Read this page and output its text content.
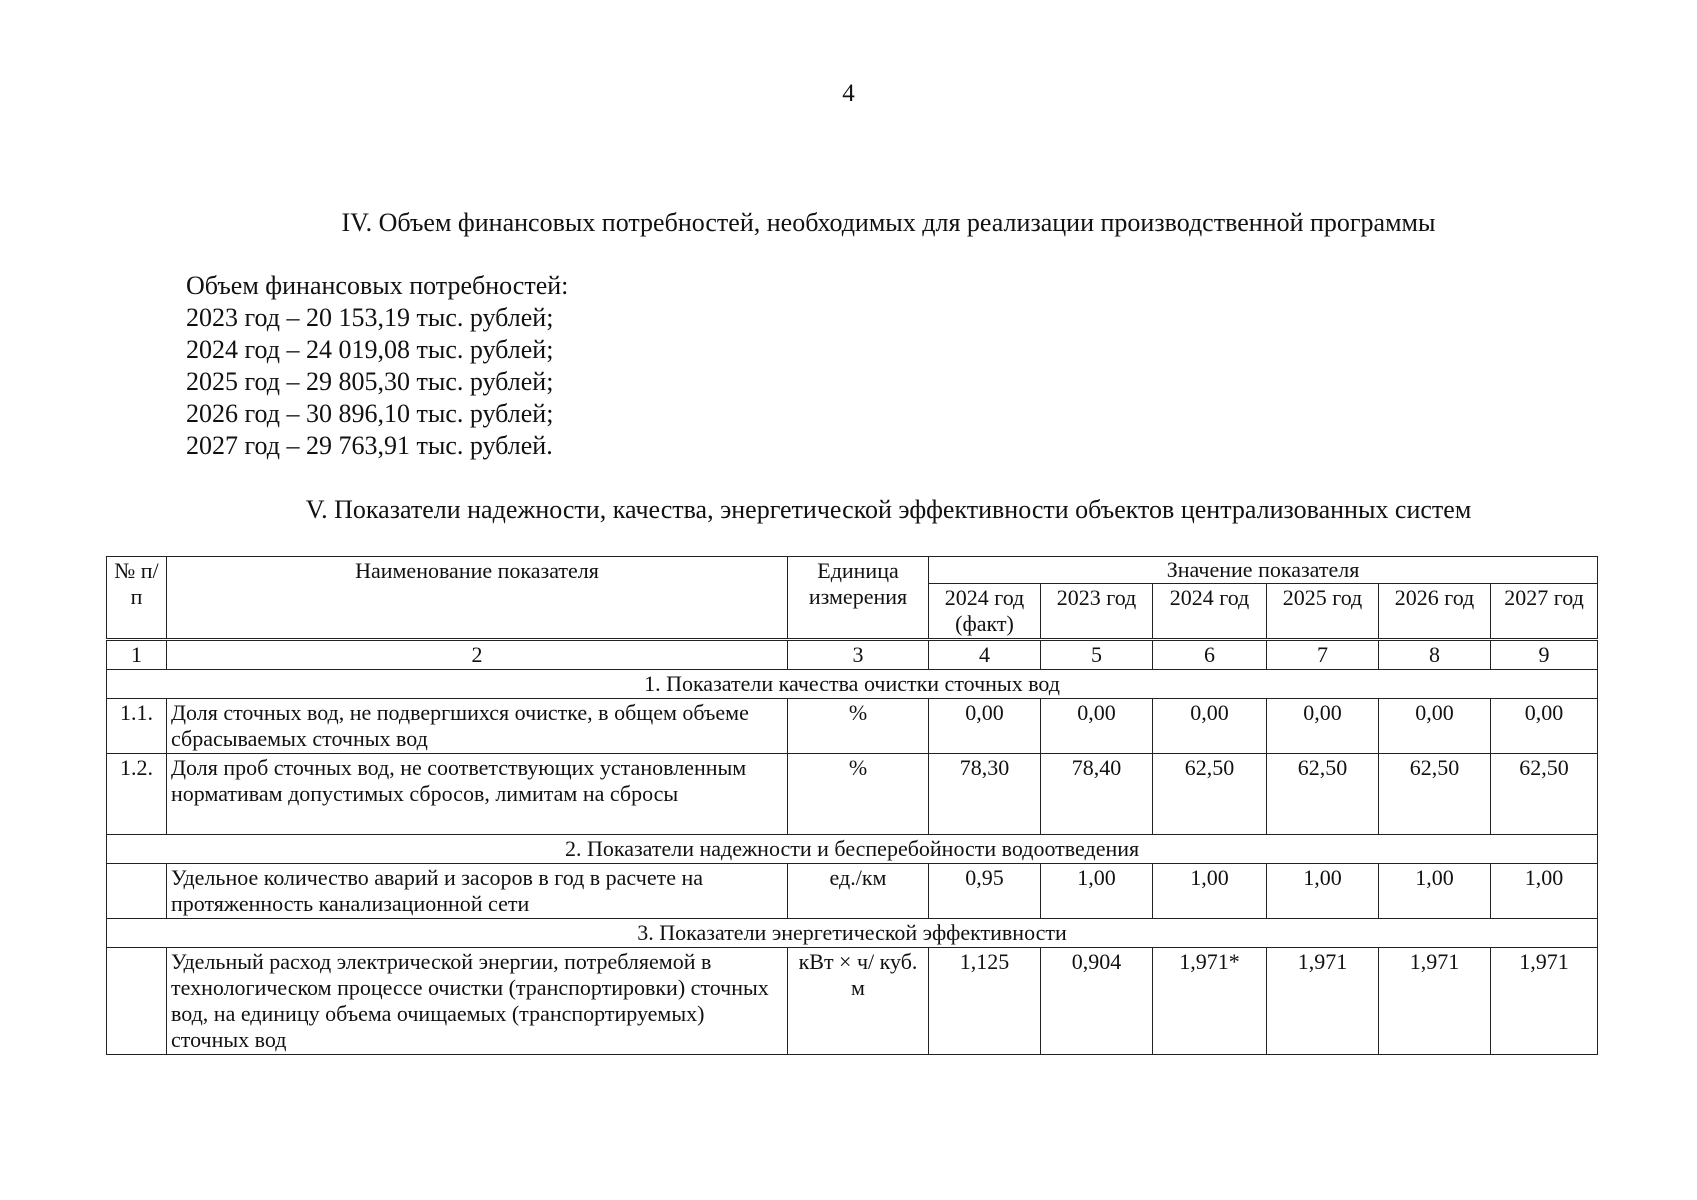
4
IV. Объем финансовых потребностей, необходимых для реализации производственной программы
Объем финансовых потребностей:
2023 год – 20 153,19 тыс. рублей;
2024 год – 24 019,08 тыс. рублей;
2025 год – 29 805,30 тыс. рублей;
2026 год – 30 896,10 тыс. рублей;
2027 год – 29 763,91 тыс. рублей.
V. Показатели надежности, качества, энергетической эффективности объектов централизованных систем
№ п/п	Наименование показателя	Единица измерения	Значение показателя					
			2024 год (факт)	2023 год	2024 год	2025 год	2026 год	2027 год
1	2	3	4	5	6	7	8	9
1. Показатели качества очистки сточных вод								
1.1.	Доля сточных вод, не подвергшихся очистке, в общем объеме сбрасываемых сточных вод	%	0,00	0,00	0,00	0,00	0,00	0,00
1.2.	Доля проб сточных вод, не соответствующих установленным нормативам допустимых сбросов, лимитам на сбросы	%	78,30	78,40	62,50	62,50	62,50	62,50
2. Показатели надежности и бесперебойности водоотведения								
	Удельное количество аварий и засоров в год в расчете на протяженность канализационной сети	ед./км	0,95	1,00	1,00	1,00	1,00	1,00
3. Показатели энергетической эффективности								
	Удельный расход электрической энергии, потребляемой в технологическом процессе очистки (транспортировки) сточных вод, на единицу объема очищаемых (транспортируемых) сточных вод	кВт × ч/ куб. м	1,125	0,904	1,971*	1,971	1,971	1,971
